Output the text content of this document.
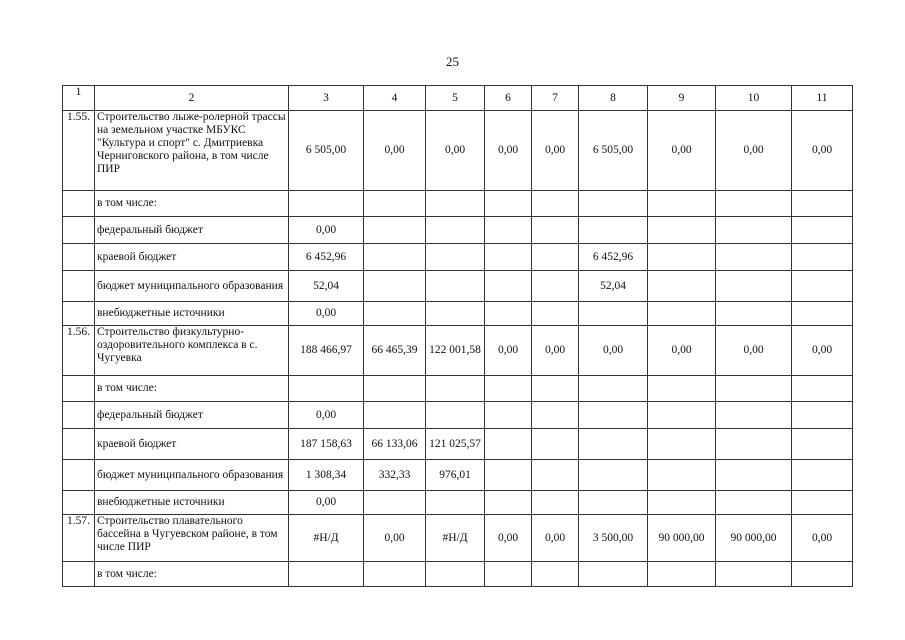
25
1	2	3	4	5	6	7	8	9	10	11
1.55.	Строительство лыже-ролерной трассы на земельном участке МБУКС "Культура и спорт" с. Дмитриевка Черниговского района, в том числе ПИР	6 505,00	0,00	0,00	0,00	0,00	6 505,00	0,00	0,00	0,00
	в том числе:									
	федеральный бюджет	0,00								
	краевой бюджет	6 452,96					6 452,96			
	бюджет муниципального образования	52,04					52,04			
	внебюджетные источники	0,00								
1.56.	Строительство физкультурно-оздоровительного комплекса в с. Чугуевка	188 466,97	66 465,39	122 001,58	0,00	0,00	0,00	0,00	0,00	0,00
	в том числе:									
	федеральный бюджет	0,00								
	краевой бюджет	187 158,63	66 133,06	121 025,57						
	бюджет муниципального образования	1 308,34	332,33	976,01						
	внебюджетные источники	0,00								
1.57.	Строительство плавательного бассейна в Чугуевском районе, в том числе ПИР	#Н/Д	0,00	#Н/Д	0,00	0,00	3 500,00	90 000,00	90 000,00	0,00
	в том числе:									
